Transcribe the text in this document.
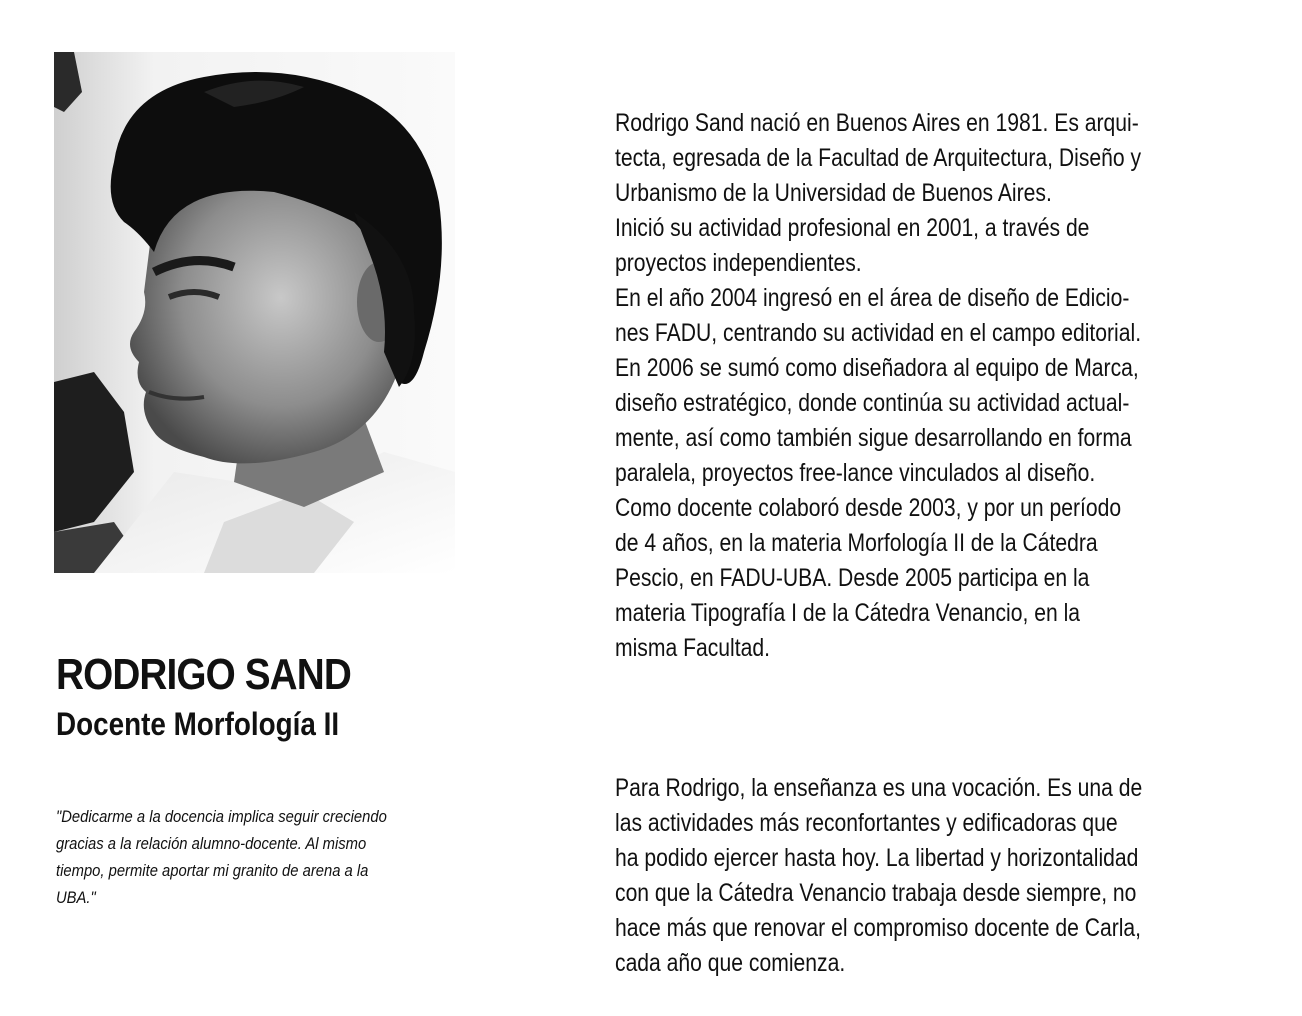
RODRIGO SAND
Docente Morfología II

"Dedicarme a la docencia implica seguir creciendo
gracias a la relación alumno-docente. Al mismo
tiempo, permite aportar mi granito de arena a la
UBA."

Rodrigo Sand nació en Buenos Aires en 1981. Es arqui-
tecta, egresada de la Facultad de Arquitectura, Diseño y
Urbanismo de la Universidad de Buenos Aires.
Inició su actividad profesional en 2001, a través de
proyectos independientes.
En el año 2004 ingresó en el área de diseño de Edicio-
nes FADU, centrando su actividad en el campo editorial.
En 2006 se sumó como diseñadora al equipo de Marca,
diseño estratégico, donde continúa su actividad actual-
mente, así como también sigue desarrollando en forma
paralela, proyectos free-lance vinculados al diseño.
Como docente colaboró desde 2003, y por un período
de 4 años, en la materia Morfología II de la Cátedra
Pescio, en FADU-UBA. Desde 2005 participa en la
materia Tipografía I de la Cátedra Venancio, en la
misma Facultad.

Para Rodrigo, la enseñanza es una vocación. Es una de
las actividades más reconfortantes y edificadoras que
ha podido ejercer hasta hoy. La libertad y horizontalidad
con que la Cátedra Venancio trabaja desde siempre, no
hace más que renovar el compromiso docente de Carla,
cada año que comienza.
